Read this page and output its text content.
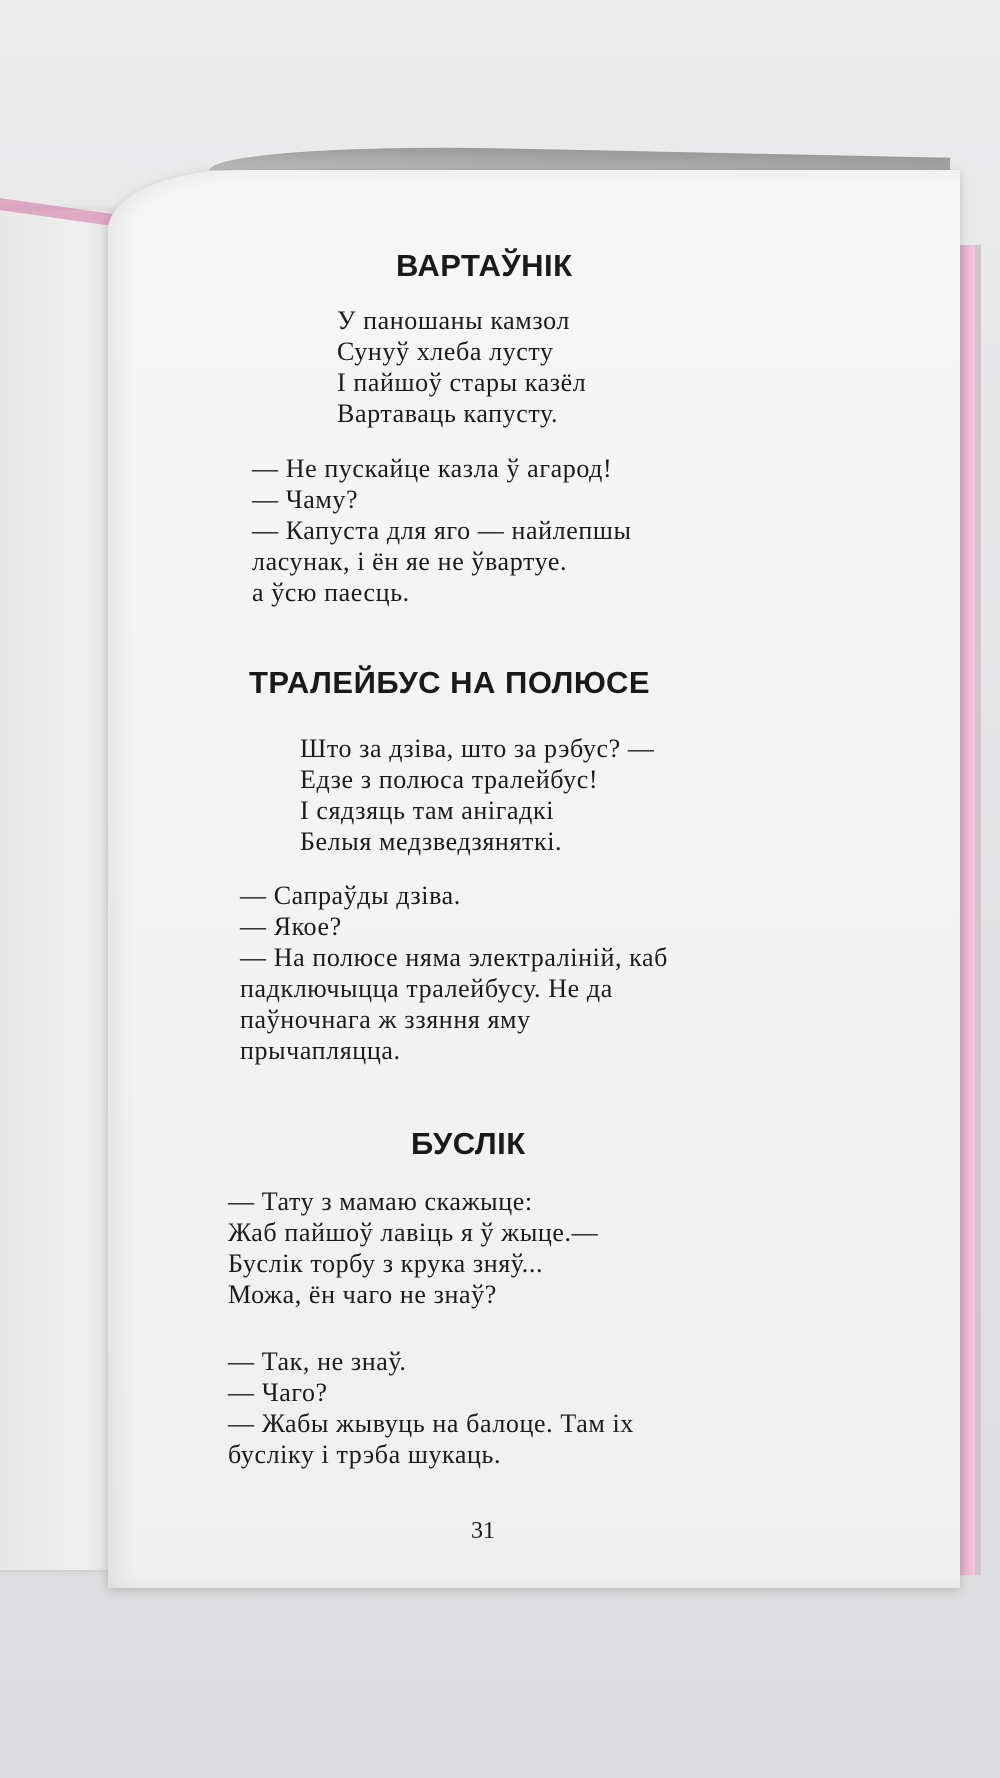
ВАРТАЎНІК
У паношаны камзол
Сунуў хлеба лусту
І пайшоў стары казёл
Вартаваць капусту.
— Не пускайце казла ў агарод!
— Чаму?
— Капуста для яго — найлепшы
ласунак, і ён яе не ўвартуе.
а ўсю паесць.
ТРАЛЕЙБУС НА ПОЛЮСЕ
Што за дзіва, што за рэбус? —
Едзе з полюса тралейбус!
І сядзяць там анігадкі
Белыя медзведзяняткі.
— Сапраўды дзіва.
— Якое?
— На полюсе няма электраліній, каб
падключыцца тралейбусу. Не да
паўночнага ж ззяння яму
прычапляцца.
БУСЛІК
— Тату з мамаю скажыце:
Жаб пайшоў лавіць я ў жыце.—
Буслік торбу з крука зняў...
Можа, ён чаго не знаў?
— Так, не знаў.
— Чаго?
— Жабы жывуць на балоце. Там іх
бусліку і трэба шукаць.
31
